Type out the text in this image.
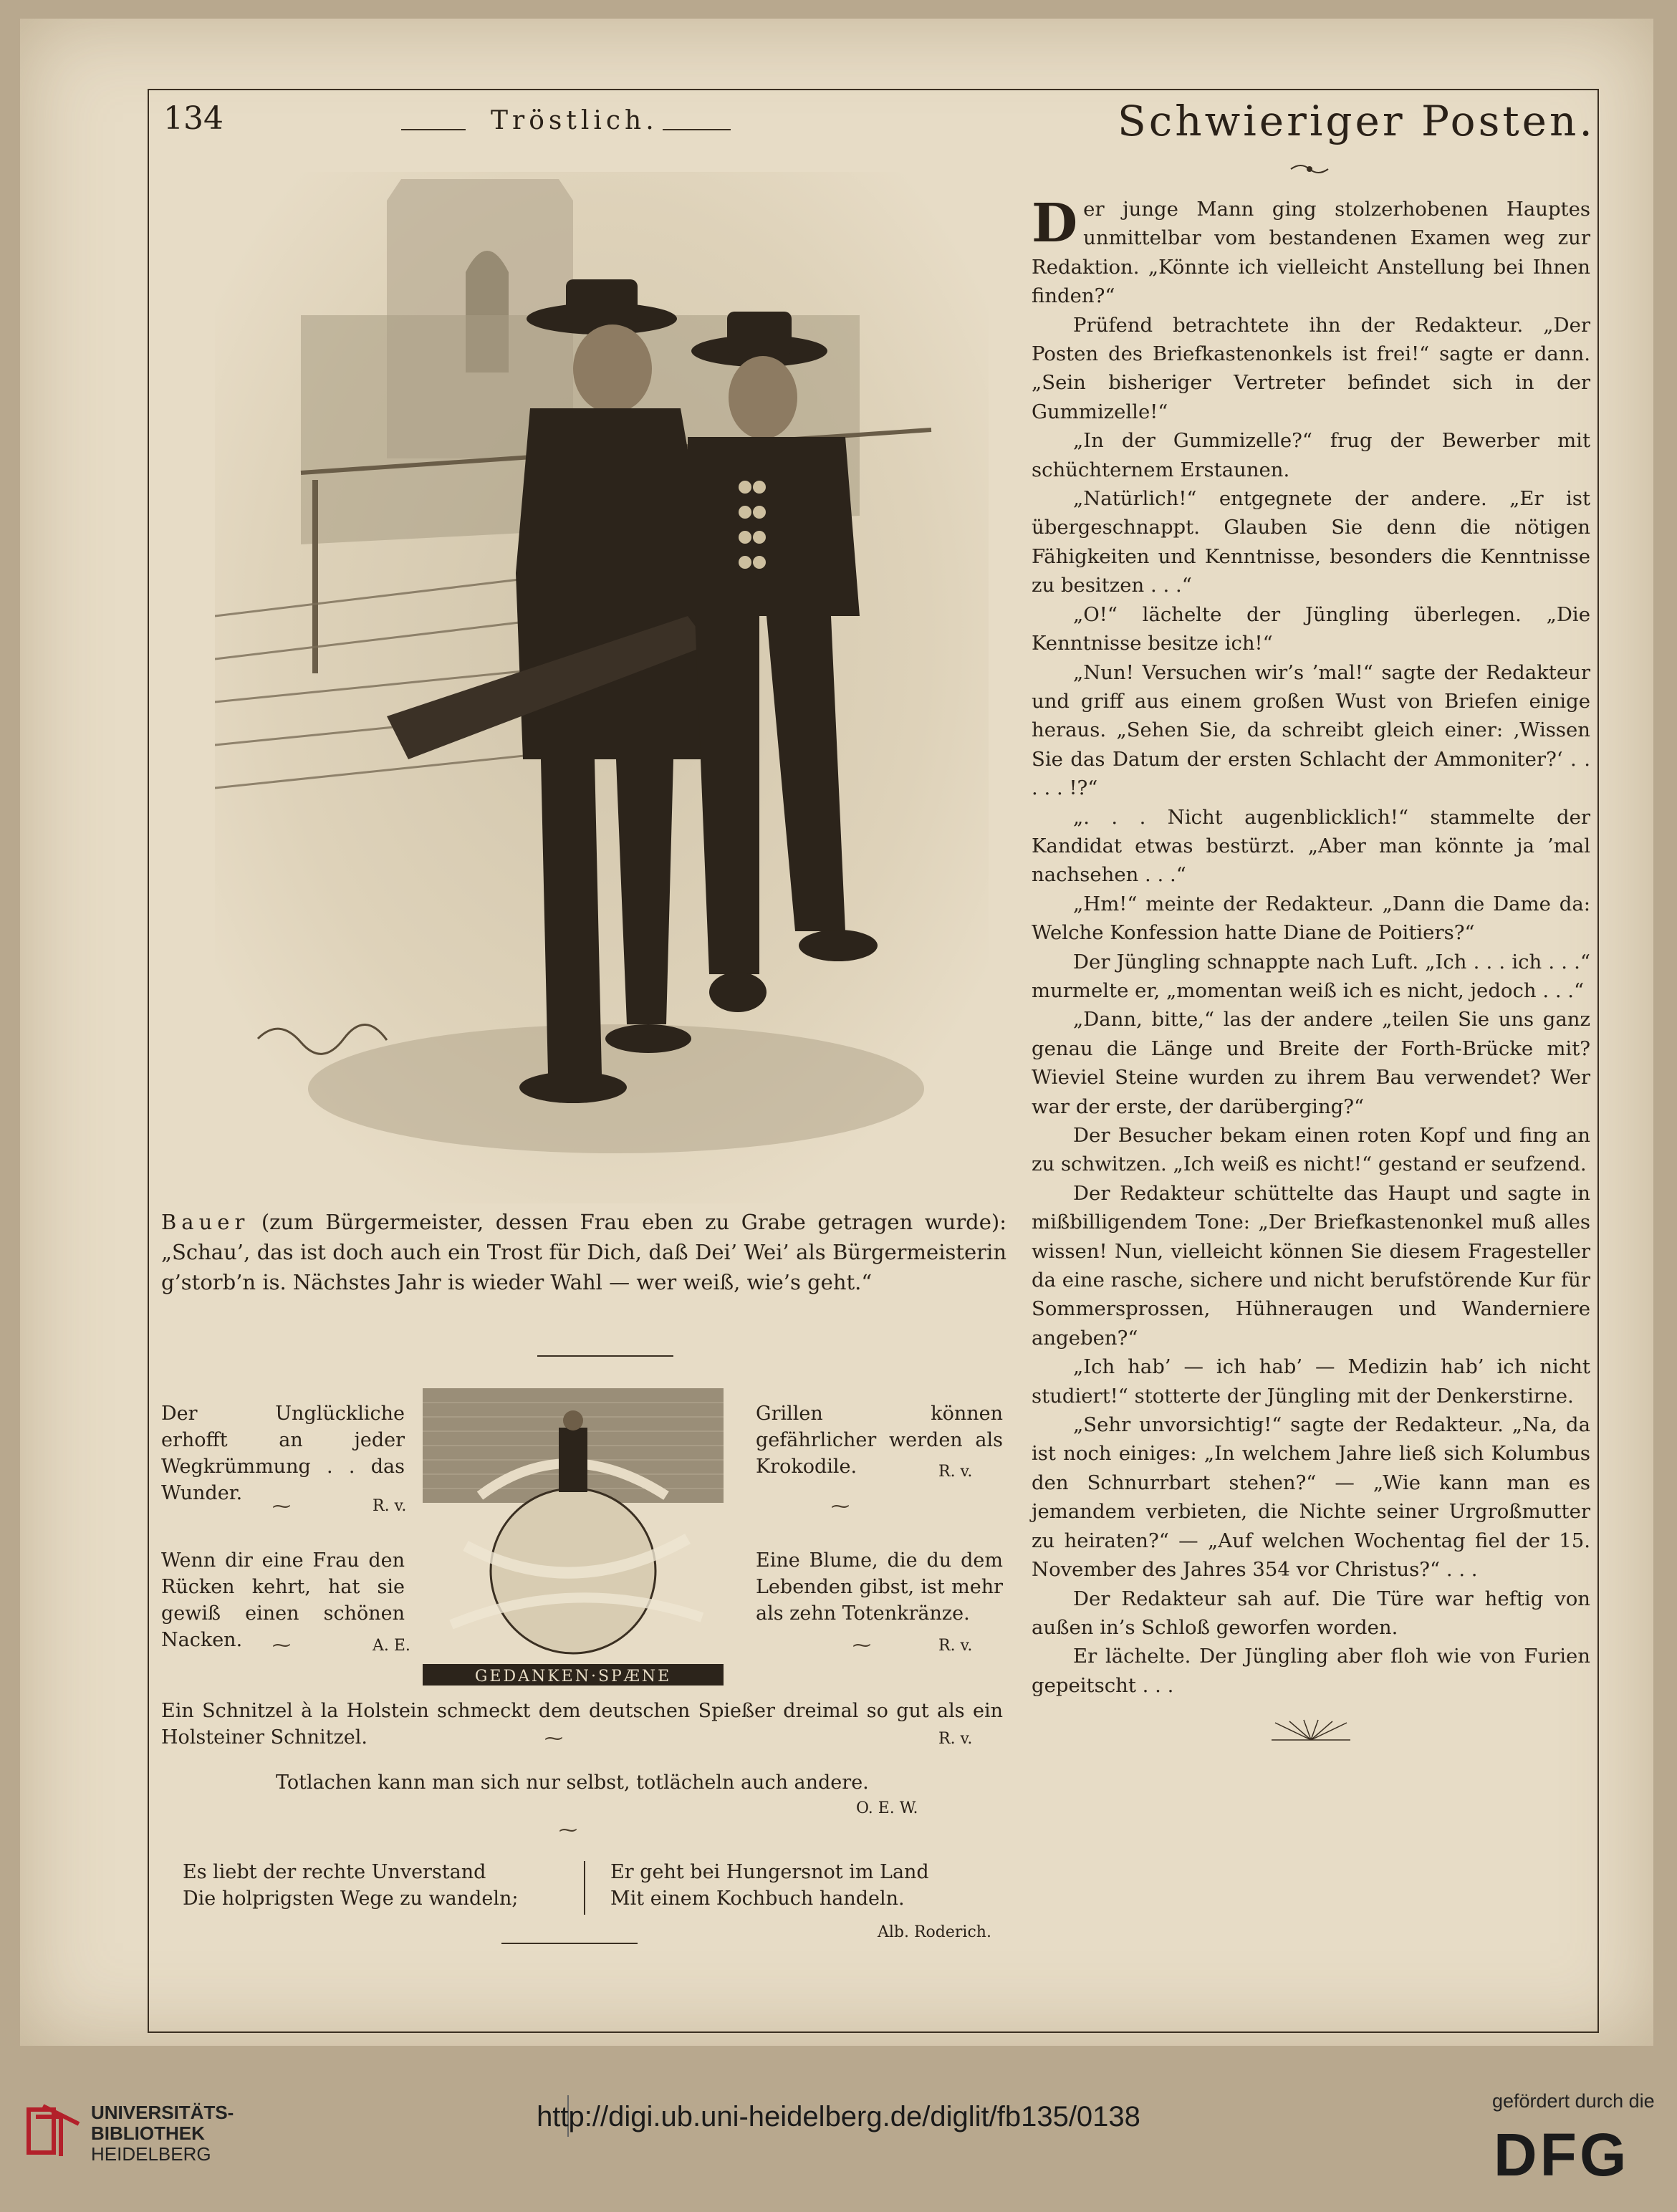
134	Tröstlich.	Schwieriger Posten.
Bauer (zum Bürgermeister, dessen Frau eben zu Grabe getragen wurde): „Schau’, das ist doch auch ein Trost für Dich, daß Dei’ Wei’ als Bürgermeisterin g’storb’n is. Nächstes Jahr is wieder Wahl — wer weiß, wie’s geht.“
Der Unglückliche erhofft an jeder Wegkrümmung . . das Wunder.
R. v.
⁓
Grillen können gefährlicher werden als Krokodile.	R. v.
⁓
Wenn dir eine Frau den Rücken kehrt, hat sie gewiß einen schönen Nacken.	A. E.
⁓
Eine Blume, die du dem Lebenden gibst, ist mehr als zehn Totenkränze.
R. v.
⁓
GEDANKEN·SPÆNE
Ein Schnitzel à la Holstein schmeckt dem deutschen Spießer dreimal so gut als ein Holsteiner Schnitzel.	R. v.
⁓
Totlachen kann man sich nur selbst, totlächeln auch andere.
O. E. W.
⁓
Es liebt der rechte Unverstand
Die holprigsten Wege zu wandeln;
Er geht bei Hungersnot im Land
Mit einem Kochbuch handeln.
Alb. Roderich.

Der junge Mann ging stolzerhobenen Hauptes unmittelbar vom bestandenen Examen weg zur Redaktion. „Könnte ich vielleicht Anstellung bei Ihnen finden?“

Prüfend betrachtete ihn der Redakteur. „Der Posten des Briefkastenonkels ist frei!“ sagte er dann. „Sein bisheriger Vertreter befindet sich in der Gummizelle!“

„In der Gummizelle?“ frug der Bewerber mit schüchternem Erstaunen.

„Natürlich!“ entgegnete der andere. „Er ist übergeschnappt. Glauben Sie denn die nötigen Fähigkeiten und Kenntnisse, besonders die Kenntnisse zu besitzen . . .“

„O!“ lächelte der Jüngling überlegen. „Die Kenntnisse besitze ich!“

„Nun! Versuchen wir’s ’mal!“ sagte der Redakteur und griff aus einem großen Wust von Briefen einige heraus. „Sehen Sie, da schreibt gleich einer: ‚Wissen Sie das Datum der ersten Schlacht der Ammoniter?‘ . . . . . !?“

„. . . Nicht augenblicklich!“ stammelte der Kandidat etwas bestürzt. „Aber man könnte ja ’mal nachsehen . . .“

„Hm!“ meinte der Redakteur. „Dann die Dame da: Welche Konfession hatte Diane de Poitiers?“

Der Jüngling schnappte nach Luft. „Ich . . . ich . . .“ murmelte er, „momentan weiß ich es nicht, jedoch . . .“

„Dann, bitte,“ las der andere „teilen Sie uns ganz genau die Länge und Breite der Forth-Brücke mit? Wieviel Steine wurden zu ihrem Bau verwendet? Wer war der erste, der darüberging?“

Der Besucher bekam einen roten Kopf und fing an zu schwitzen. „Ich weiß es nicht!“ gestand er seufzend.

Der Redakteur schüttelte das Haupt und sagte in mißbilligendem Tone: „Der Briefkastenonkel muß alles wissen! Nun, vielleicht können Sie diesem Fragesteller da eine rasche, sichere und nicht berufstörende Kur für Sommersprossen, Hühneraugen und Wanderniere angeben?“

„Ich hab’ — ich hab’ — Medizin hab’ ich nicht studiert!“ stotterte der Jüngling mit der Denkerstirne.

„Sehr unvorsichtig!“ sagte der Redakteur. „Na, da ist noch einiges: „In welchem Jahre ließ sich Kolumbus den Schnurrbart stehen?“ — „Wie kann man es jemandem verbieten, die Nichte seiner Urgroßmutter zu heiraten?“ — „Auf welchen Wochentag fiel der 15. November des Jahres 354 vor Christus?“ . . .

Der Redakteur sah auf. Die Türe war heftig von außen in’s Schloß geworfen worden.

Er lächelte. Der Jüngling aber floh wie von Furien gepeitscht . . .

UNIVERSITÄTS-
BIBLIOTHEK
HEIDELBERG
http://digi.ub.uni-heidelberg.de/diglit/fb135/0138	gefördert durch die
DFG
